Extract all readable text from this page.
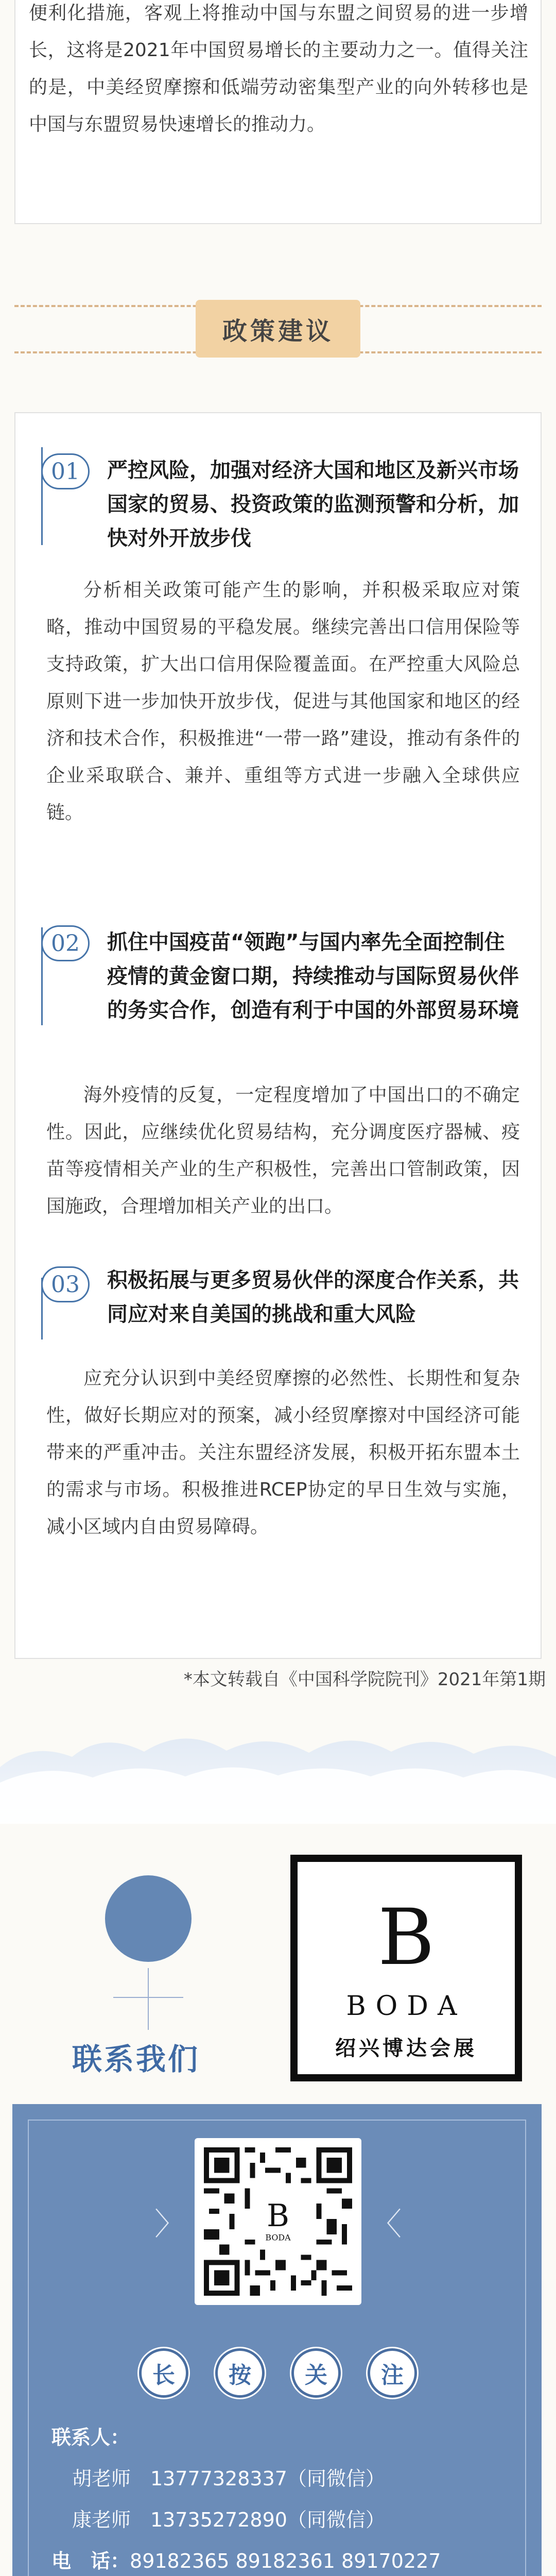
便利化措施，客观上将推动中国与东盟之间贸易的进一步增长，这将是2021年中国贸易增长的主要动力之一。值得关注的是，中美经贸摩擦和低端劳动密集型产业的向外转移也是中国与东盟贸易快速增长的推动力。

政策建议
01	严控风险，加强对经济大国和地区及新兴市场国家的贸易、投资政策的监测预警和分析，加快对外开放步伐

分析相关政策可能产生的影响，并积极采取应对策略，推动中国贸易的平稳发展。继续完善出口信用保险等支持政策，扩大出口信用保险覆盖面。在严控重大风险总原则下进一步加快开放步伐，促进与其他国家和地区的经济和技术合作，积极推进“一带一路”建设，推动有条件的企业采取联合、兼并、重组等方式进一步融入全球供应链。

02	抓住中国疫苗“领跑”与国内率先全面控制住疫情的黄金窗口期，持续推动与国际贸易伙伴的务实合作，创造有利于中国的外部贸易环境

海外疫情的反复，一定程度增加了中国出口的不确定性。因此，应继续优化贸易结构，充分调度医疗器械、疫苗等疫情相关产业的生产积极性，完善出口管制政策，因国施政，合理增加相关产业的出口。

03	积极拓展与更多贸易伙伴的深度合作关系，共同应对来自美国的挑战和重大风险

应充分认识到中美经贸摩擦的必然性、长期性和复杂性，做好长期应对的预案，减小经贸摩擦对中国经济可能带来的严重冲击。关注东盟经济发展，积极开拓东盟本土的需求与市场。积极推进RCEP协定的早日生效与实施，减小区域内自由贸易障碍。

*本文转载自《中国科学院院刊》2021年第1期
联系我们
B
BODA
绍兴博达会展
〉	〈
B
BODA
长	按	关	注
联系人：
胡老师　13777328337（同微信）
康老师　13735272890（同微信）
电　话：89182365 89182361 89170227
